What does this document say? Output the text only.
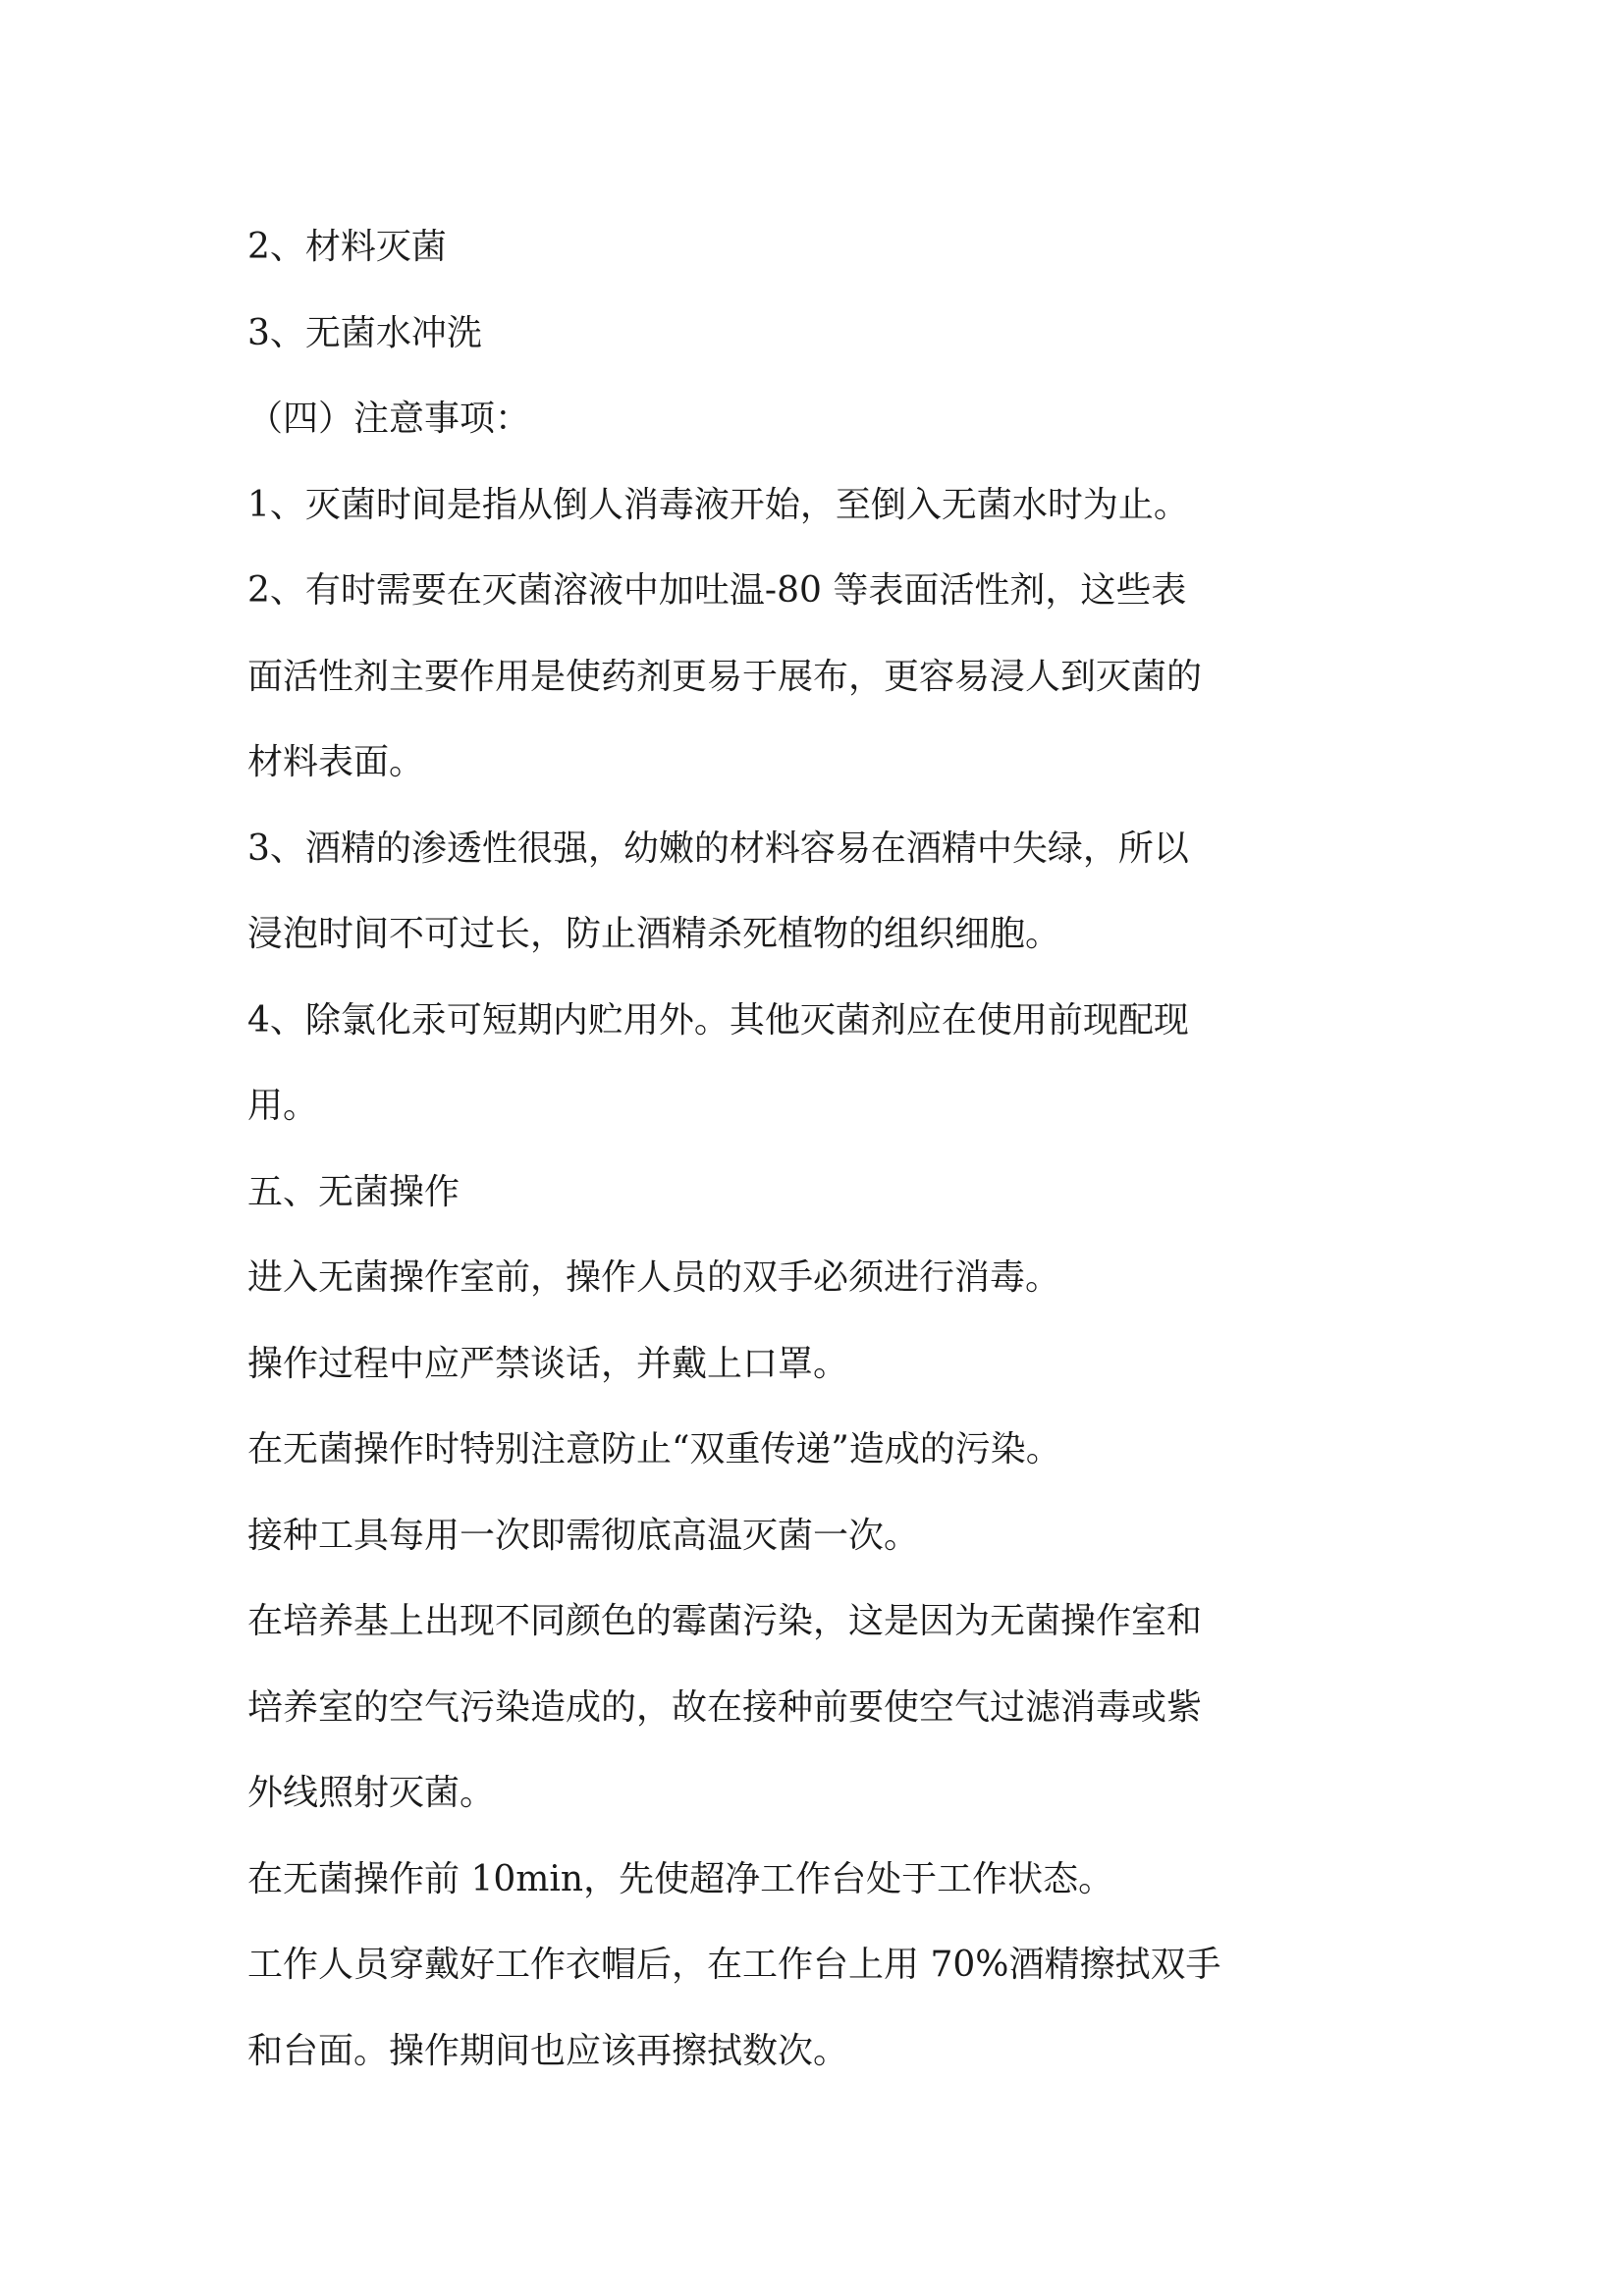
2、材料灭菌
3、无菌水冲洗
（四）注意事项：
1、灭菌时间是指从倒人消毒液开始，至倒入无菌水时为止。
2、有时需要在灭菌溶液中加吐温-80 等表面活性剂，这些表
面活性剂主要作用是使药剂更易于展布，更容易浸人到灭菌的
材料表面。
3、酒精的渗透性很强，幼嫩的材料容易在酒精中失绿，所以
浸泡时间不可过长，防止酒精杀死植物的组织细胞。
4、除氯化汞可短期内贮用外。其他灭菌剂应在使用前现配现
用。
五、无菌操作
进入无菌操作室前，操作人员的双手必须进行消毒。
操作过程中应严禁谈话，并戴上口罩。
在无菌操作时特别注意防止“双重传递”造成的污染。
接种工具每用一次即需彻底高温灭菌一次。
在培养基上出现不同颜色的霉菌污染，这是因为无菌操作室和
培养室的空气污染造成的，故在接种前要使空气过滤消毒或紫
外线照射灭菌。
在无菌操作前 10min，先使超净工作台处于工作状态。
工作人员穿戴好工作衣帽后，在工作台上用 70%酒精擦拭双手
和台面。操作期间也应该再擦拭数次。
